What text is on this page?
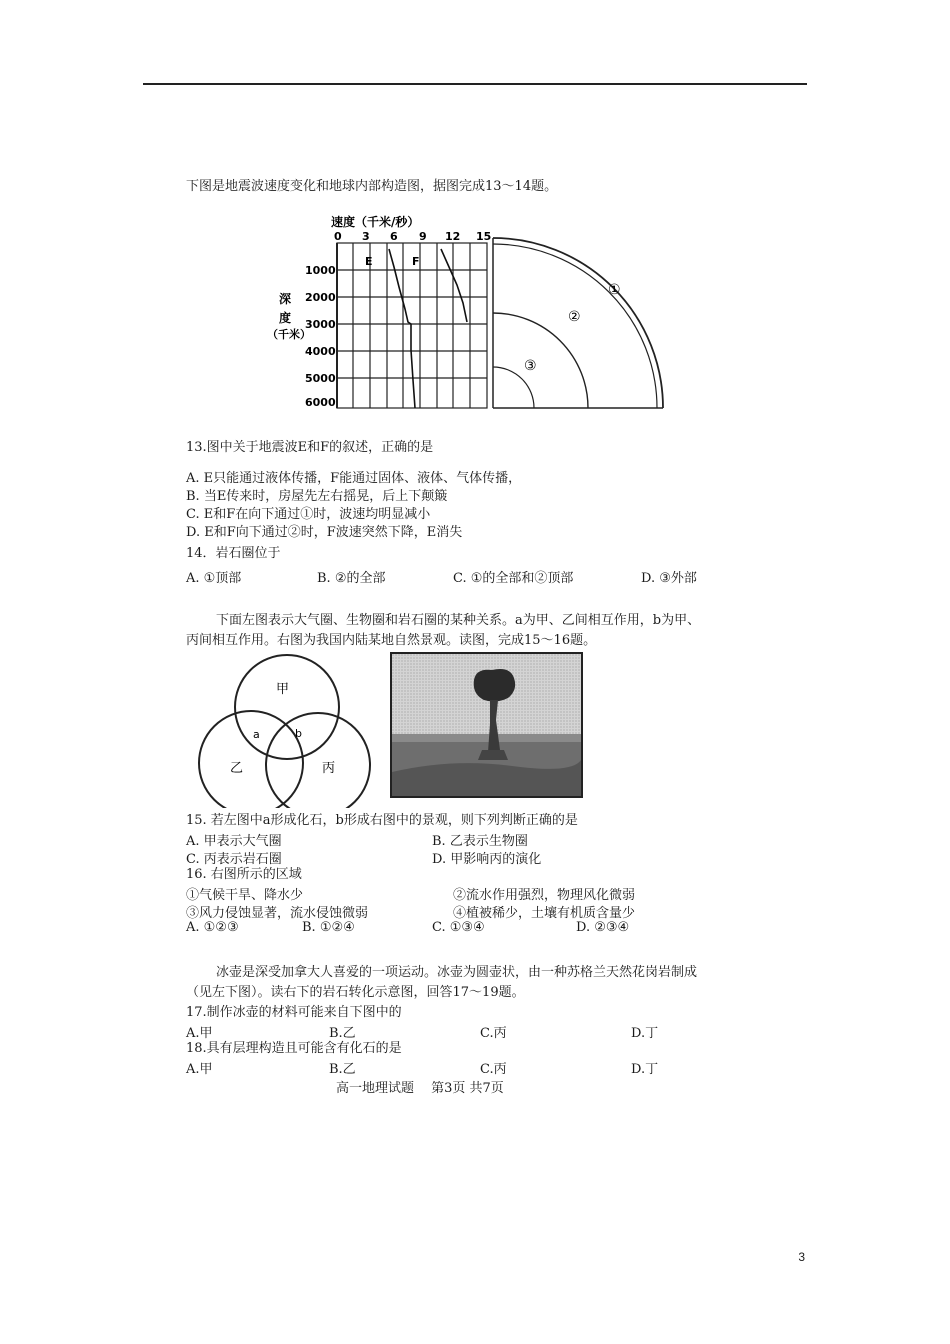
下图是地震波速度变化和地球内部构造图，据图完成13～14题。
速度（千米/秒）
0 3 6 9 12 15
E	F
1000
2000
3000
4000
5000
6000
深
度
（千米）
①
②
③
13.图中关于地震波E和F的叙述，正确的是
A. E只能通过液体传播，F能通过固体、液体、气体传播，
B. 当E传来时，房屋先左右摇晃，后上下颠簸
C. E和F在向下通过①时，波速均明显减小
D. E和F向下通过②时，F波速突然下降，E消失
14．岩石圈位于
A. ①顶部	B. ②的全部	C. ①的全部和②顶部	D. ③外部
下面左图表示大气圈、生物圈和岩石圈的某种关系。a为甲、乙间相互作用，b为甲、
丙间相互作用。右图为我国内陆某地自然景观。读图，完成15～16题。
甲
乙	丙
a	b
15. 若左图中a形成化石，b形成右图中的景观，则下列判断正确的是
A. 甲表示大气圈	B. 乙表示生物圈
C. 丙表示岩石圈	D. 甲影响丙的演化
16. 右图所示的区域
①气候干旱、降水少	②流水作用强烈，物理风化微弱
③风力侵蚀显著，流水侵蚀微弱	④植被稀少，土壤有机质含量少
A. ①②③	B. ①②④	C. ①③④	D. ②③④
冰壶是深受加拿大人喜爱的一项运动。冰壶为圆壶状，由一种苏格兰天然花岗岩制成
（见左下图）。读右下的岩石转化示意图，回答17～19题。
17.制作冰壶的材料可能来自下图中的
A.甲	B.乙	C.丙	D.丁
18.具有层理构造且可能含有化石的是
A.甲	B.乙	C.丙	D.丁
高一地理试题　 第3页 共7页
3
